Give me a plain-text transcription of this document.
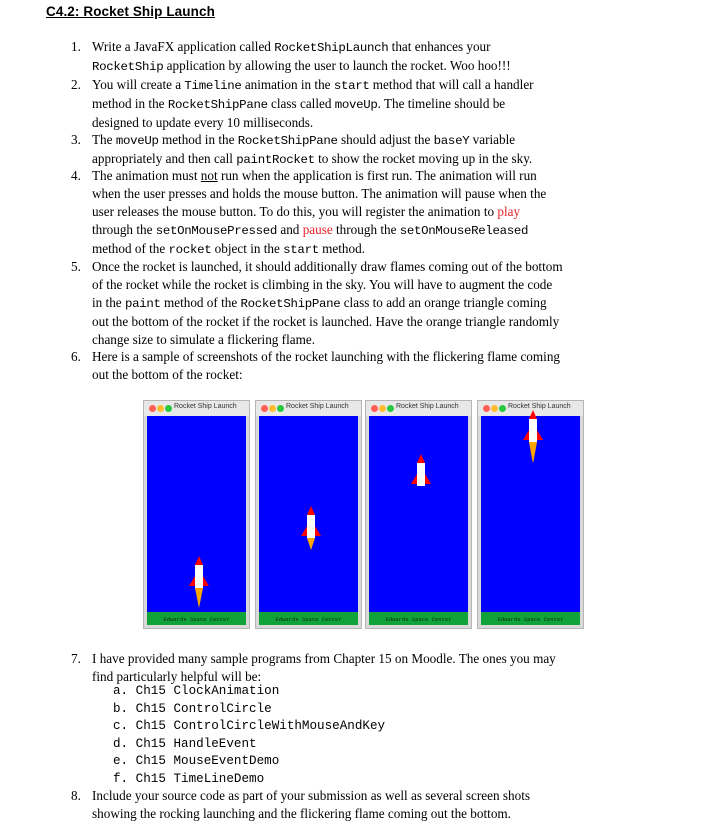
C4.2: Rocket Ship Launch
1. Write a JavaFX application called RocketShipLaunch that enhances your
RocketShip application by allowing the user to launch the rocket. Woo hoo!!!
2. You will create a Timeline animation in the start method that will call a handler
method in the RocketShipPane class called moveUp. The timeline should be
designed to update every 10 milliseconds.
3. The moveUp method in the RocketShipPane should adjust the baseY variable
appropriately and then call paintRocket to show the rocket moving up in the sky.
4. The animation must not run when the application is first run. The animation will run
when the user presses and holds the mouse button. The animation will pause when the
user releases the mouse button. To do this, you will register the animation to play
through the setOnMousePressed and pause through the setOnMouseReleased
method of the rocket object in the start method.
5. Once the rocket is launched, it should additionally draw flames coming out of the bottom
of the rocket while the rocket is climbing in the sky. You will have to augment the code
in the paint method of the RocketShipPane class to add an orange triangle coming
out the bottom of the rocket if the rocket is launched. Have the orange triangle randomly
change size to simulate a flickering flame.
6. Here is a sample of screenshots of the rocket launching with the flickering flame coming
out the bottom of the rocket:
Rocket Ship Launch
Edwards Space Center
Rocket Ship Launch
Edwards Space Center
Rocket Ship Launch
Edwards Space Center
Rocket Ship Launch
Edwards Space Center
7. I have provided many sample programs from Chapter 15 on Moodle. The ones you may
find particularly helpful will be:
a. Ch15 ClockAnimation
b. Ch15 ControlCircle
c. Ch15 ControlCircleWithMouseAndKey
d. Ch15 HandleEvent
e. Ch15 MouseEventDemo
f. Ch15 TimeLineDemo
8. Include your source code as part of your submission as well as several screen shots
showing the rocking launching and the flickering flame coming out the bottom.
